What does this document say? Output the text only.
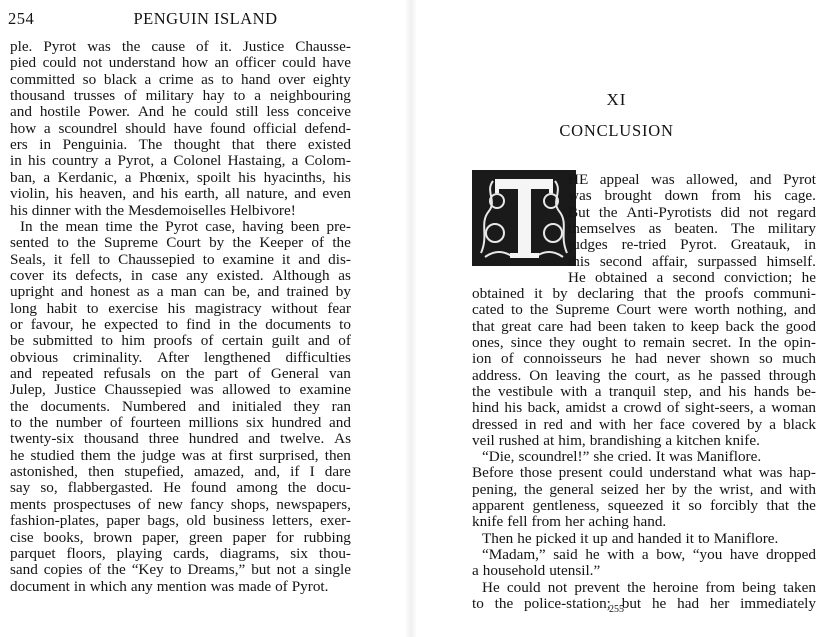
254	PENGUIN ISLAND
ple. Pyrot was the cause of it. Justice Chausse-
pied could not understand how an officer could have
committed so black a crime as to hand over eighty
thousand trusses of military hay to a neighbouring
and hostile Power. And he could still less conceive
how a scoundrel should have found official defend-
ers in Penguinia. The thought that there existed
in his country a Pyrot, a Colonel Hastaing, a Colom-
ban, a Kerdanic, a Phœnix, spoilt his hyacinths, his
violin, his heaven, and his earth, all nature, and even
his dinner with the Mesdemoiselles Helbivore!
In the mean time the Pyrot case, having been pre-
sented to the Supreme Court by the Keeper of the
Seals, it fell to Chaussepied to examine it and dis-
cover its defects, in case any existed. Although as
upright and honest as a man can be, and trained by
long habit to exercise his magistracy without fear
or favour, he expected to find in the documents to
be submitted to him proofs of certain guilt and of
obvious criminality. After lengthened difficulties
and repeated refusals on the part of General van
Julep, Justice Chaussepied was allowed to examine
the documents. Numbered and initialed they ran
to the number of fourteen millions six hundred and
twenty-six thousand three hundred and twelve. As
he studied them the judge was at first surprised, then
astonished, then stupefied, amazed, and, if I dare
say so, flabbergasted. He found among the docu-
ments prospectuses of new fancy shops, newspapers,
fashion-plates, paper bags, old business letters, exer-
cise books, brown paper, green paper for rubbing
parquet floors, playing cards, diagrams, six thou-
sand copies of the “Key to Dreams,” but not a single
document in which any mention was made of Pyrot.
XI
CONCLUSION
HE appeal was allowed, and Pyrot
was brought down from his cage.
But the Anti-Pyrotists did not regard
themselves as beaten. The military
judges re-tried Pyrot. Greatauk, in
this second affair, surpassed himself.
He obtained a second conviction; he
obtained it by declaring that the proofs communi-
cated to the Supreme Court were worth nothing, and
that great care had been taken to keep back the good
ones, since they ought to remain secret. In the opin-
ion of connoisseurs he had never shown so much
address. On leaving the court, as he passed through
the vestibule with a tranquil step, and his hands be-
hind his back, amidst a crowd of sight-seers, a woman
dressed in red and with her face covered by a black
veil rushed at him, brandishing a kitchen knife.
“Die, scoundrel!” she cried. It was Maniflore.
Before those present could understand what was hap-
pening, the general seized her by the wrist, and with
apparent gentleness, squeezed it so forcibly that the
knife fell from her aching hand.
Then he picked it up and handed it to Maniflore.
“Madam,” said he with a bow, “you have dropped
a household utensil.”
He could not prevent the heroine from being taken
to the police-station; but he had her immediately
255
